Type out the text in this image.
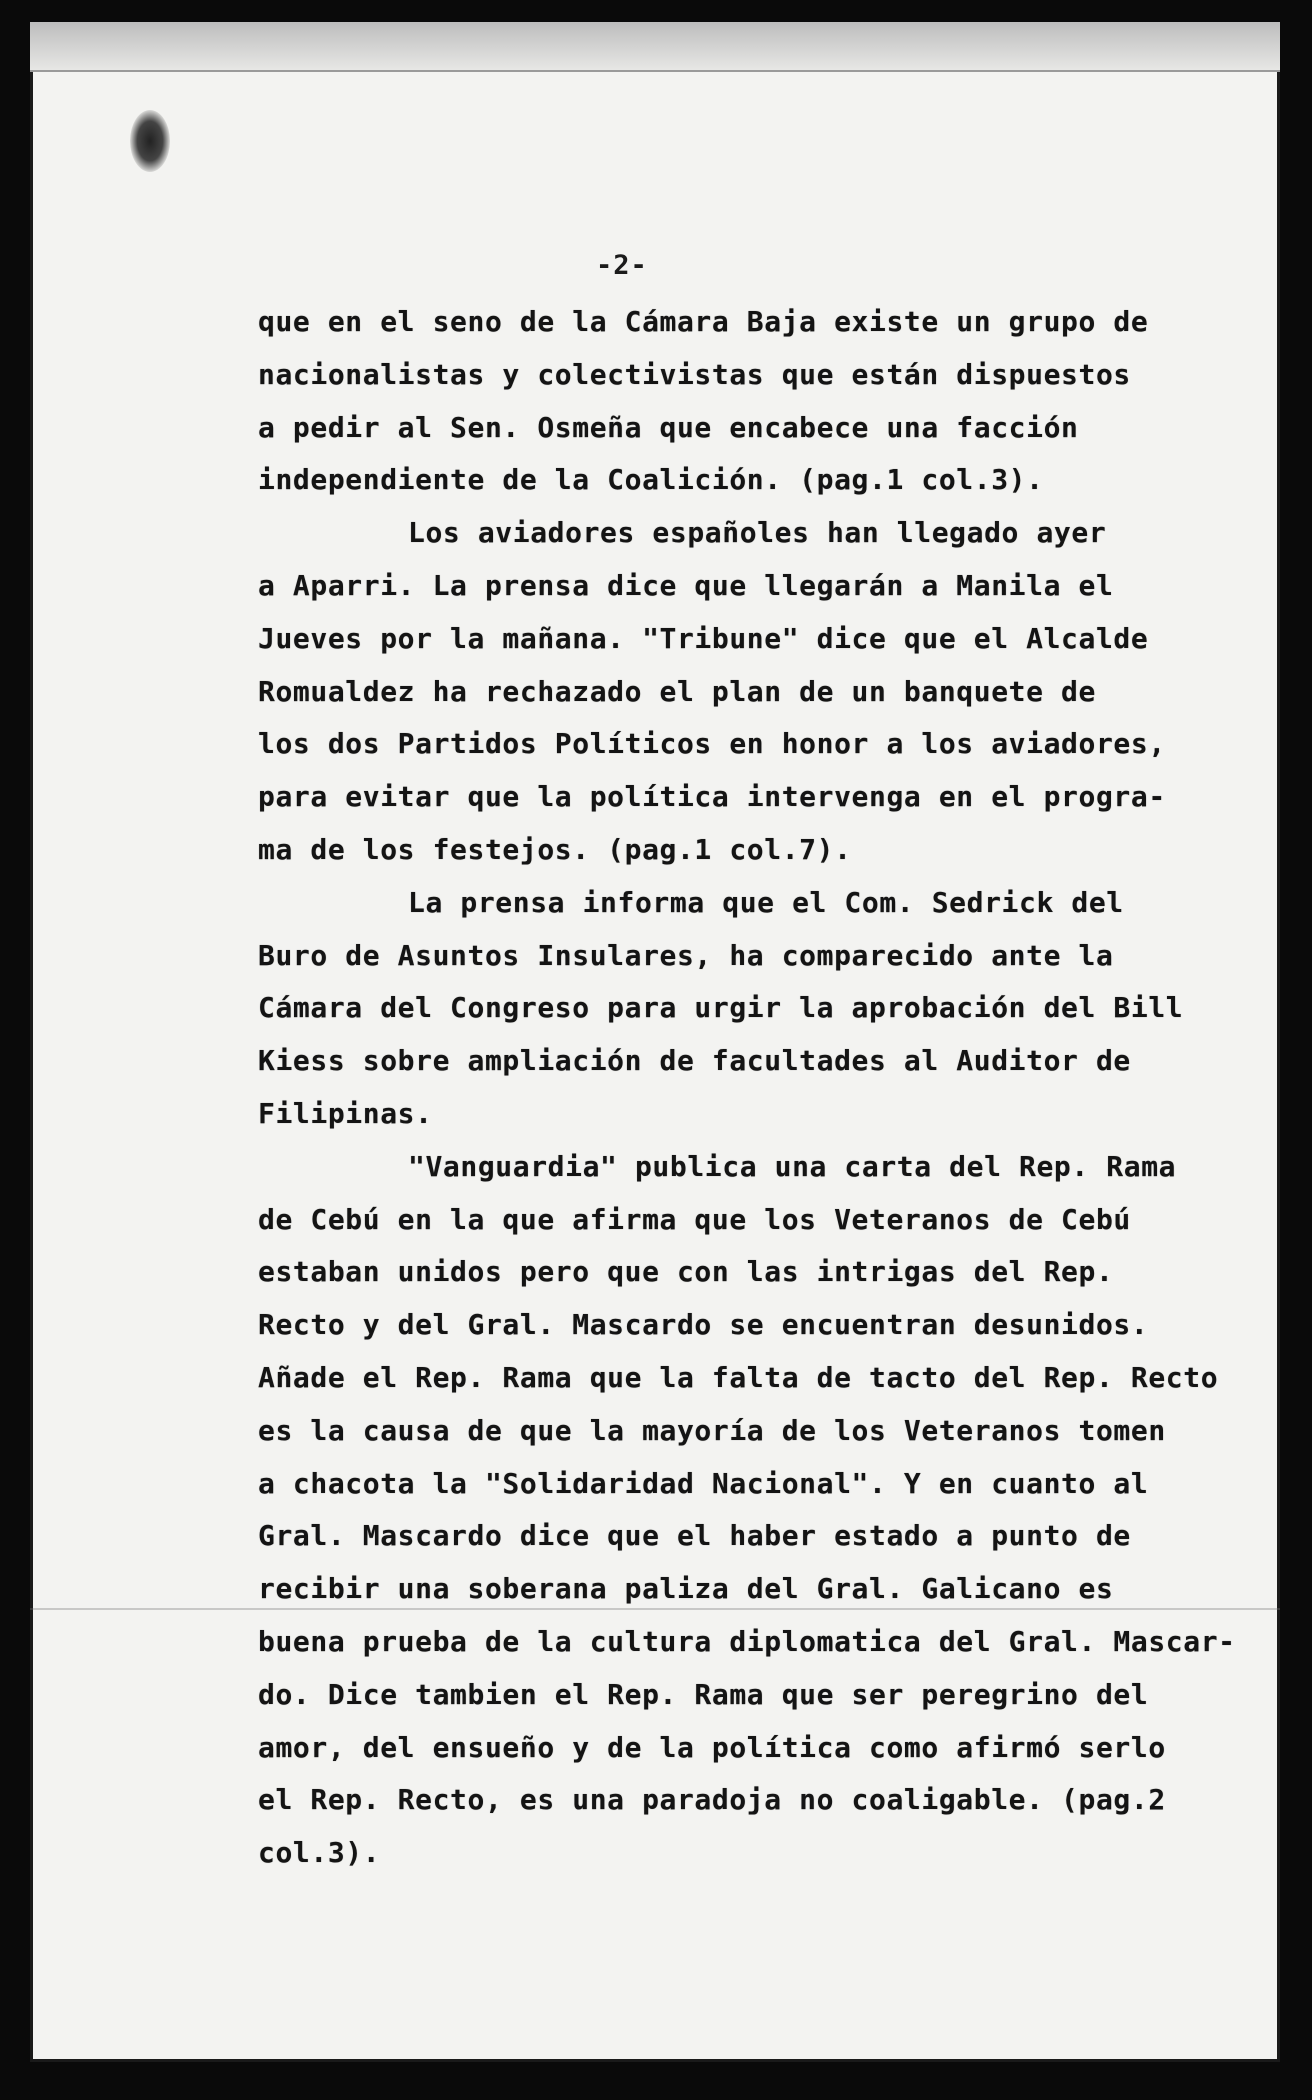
-2-
que en el seno de la Cámara Baja existe un grupo de
nacionalistas y colectivistas que están dispuestos
a pedir al Sen. Osmeña que encabece una facción
independiente de la Coalición. (pag.1 col.3).
Los aviadores españoles han llegado ayer
a Aparri. La prensa dice que llegarán a Manila el
Jueves por la mañana. "Tribune" dice que el Alcalde
Romualdez ha rechazado el plan de un banquete de
los dos Partidos Políticos en honor a los aviadores,
para evitar que la política intervenga en el progra-
ma de los festejos. (pag.1 col.7).
La prensa informa que el Com. Sedrick del
Buro de Asuntos Insulares, ha comparecido ante la
Cámara del Congreso para urgir la aprobación del Bill
Kiess sobre ampliación de facultades al Auditor de
Filipinas.
"Vanguardia" publica una carta del Rep. Rama
de Cebú en la que afirma que los Veteranos de Cebú
estaban unidos pero que con las intrigas del Rep.
Recto y del Gral. Mascardo se encuentran desunidos.
Añade el Rep. Rama que la falta de tacto del Rep. Recto
es la causa de que la mayoría de los Veteranos tomen
a chacota la "Solidaridad Nacional". Y en cuanto al
Gral. Mascardo dice que el haber estado a punto de
recibir una soberana paliza del Gral. Galicano es
buena prueba de la cultura diplomatica del Gral. Mascar-
do. Dice tambien el Rep. Rama que ser peregrino del
amor, del ensueño y de la política como afirmó serlo
el Rep. Recto, es una paradoja no coaligable. (pag.2
col.3).
